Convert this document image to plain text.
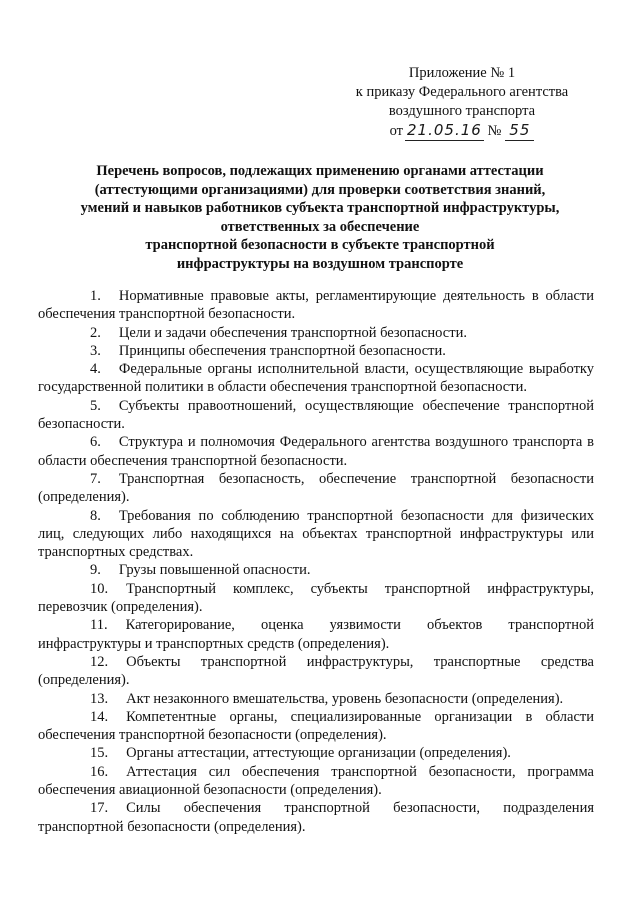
Приложение № 1
к приказу Федерального агентства
воздушного транспорта
от 21.05.16 № 55
Перечень вопросов, подлежащих применению органами аттестации
(аттестующими организациями) для проверки соответствия знаний,
умений и навыков работников субъекта транспортной инфраструктуры,
ответственных за обеспечение
транспортной безопасности в субъекте транспортной
инфраструктуры на воздушном транспорте

1. Нормативные правовые акты, регламентирующие деятельность в области обеспечения транспортной безопасности.

2. Цели и задачи обеспечения транспортной безопасности.

3. Принципы обеспечения транспортной безопасности.

4. Федеральные органы исполнительной власти, осуществляющие выработку государственной политики в области обеспечения транспортной безопасности.

5. Субъекты правоотношений, осуществляющие обеспечение транспортной безопасности.

6. Структура и полномочия Федерального агентства воздушного транспорта в области обеспечения транспортной безопасности.

7. Транспортная безопасность, обеспечение транспортной безопасности (определения).

8. Требования по соблюдению транспортной безопасности для физических лиц, следующих либо находящихся на объектах транспортной инфраструктуры или транспортных средствах.

9. Грузы повышенной опасности.

10. Транспортный комплекс, субъекты транспортной инфраструктуры, перевозчик (определения).

11. Категорирование, оценка уязвимости объектов транспортной инфраструктуры и транспортных средств (определения).

12. Объекты транспортной инфраструктуры, транспортные средства (определения).

13. Акт незаконного вмешательства, уровень безопасности (определения).

14. Компетентные органы, специализированные организации в области обеспечения транспортной безопасности (определения).

15. Органы аттестации, аттестующие организации (определения).

16. Аттестация сил обеспечения транспортной безопасности, программа обеспечения авиационной безопасности (определения).

17. Силы обеспечения транспортной безопасности, подразделения транспортной безопасности (определения).
